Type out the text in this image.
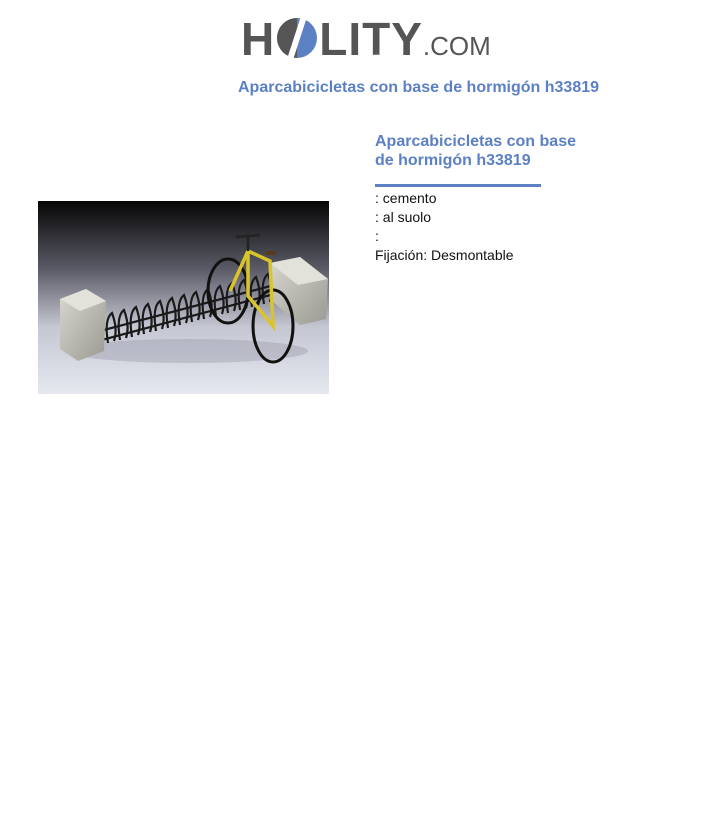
H LITY.COM
Aparcabicicletas con base de hormigón h33819
Aparcabicicletas con base
de hormigón h33819
: cemento
: al suolo
:
Fijación: Desmontable
